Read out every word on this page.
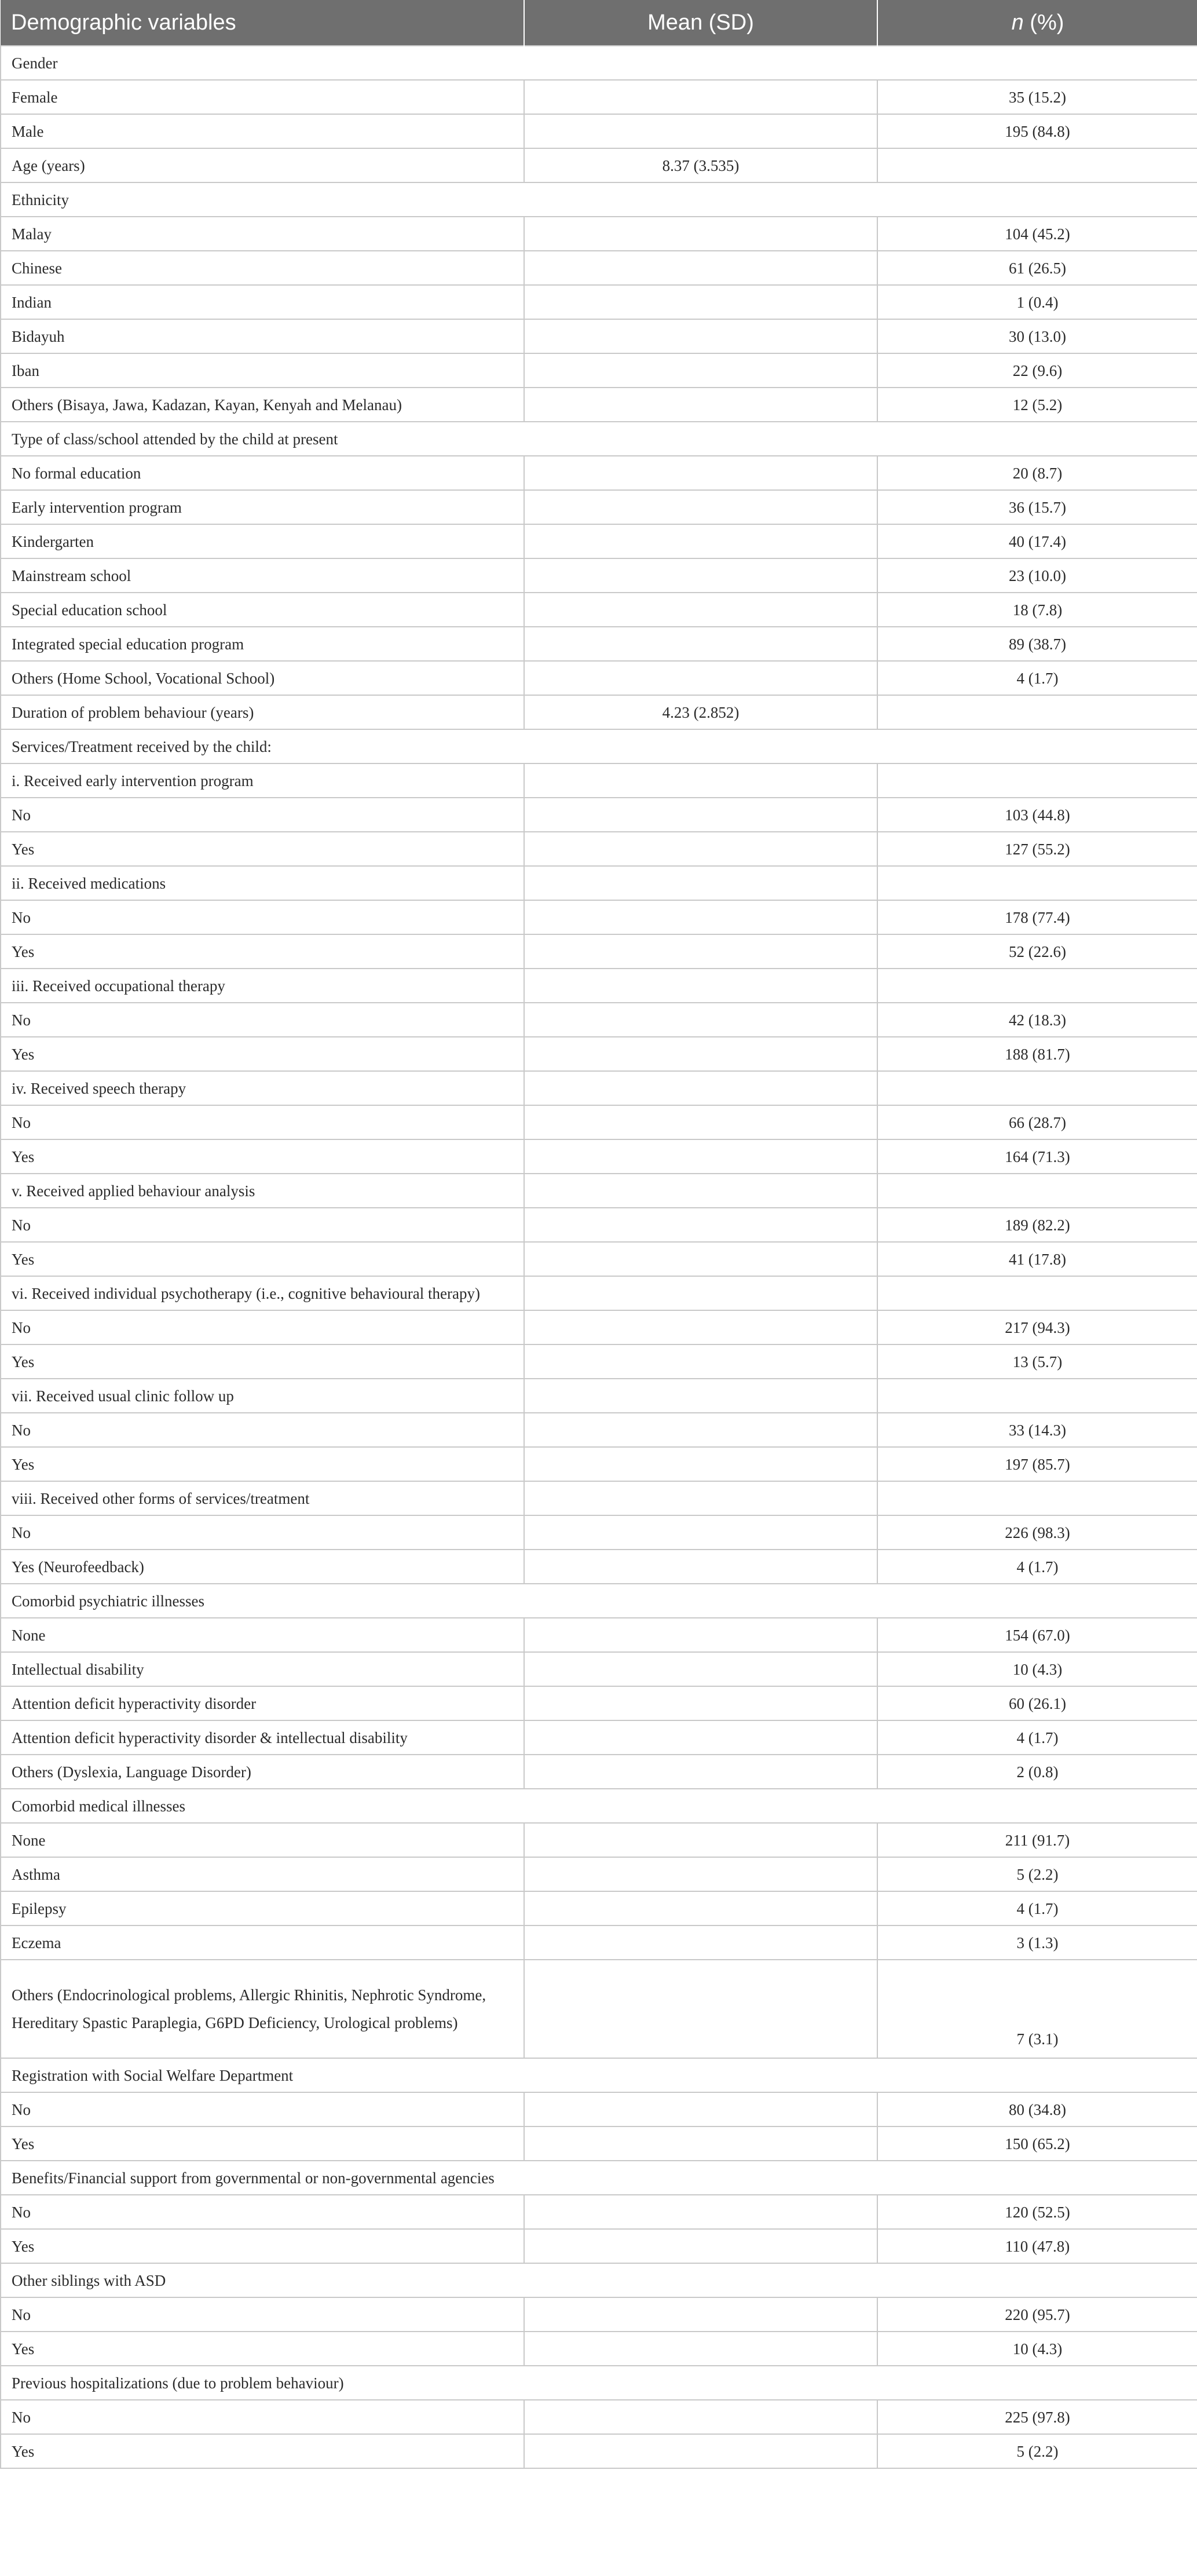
Demographic variables	Mean (SD)	n (%)
Gender		
Female		35 (15.2)
Male		195 (84.8)
Age (years)	8.37 (3.535)	
Ethnicity		
Malay		104 (45.2)
Chinese		61 (26.5)
Indian		1 (0.4)
Bidayuh		30 (13.0)
Iban		22 (9.6)
Others (Bisaya, Jawa, Kadazan, Kayan, Kenyah and Melanau)		12 (5.2)
Type of class/school attended by the child at present		
No formal education		20 (8.7)
Early intervention program		36 (15.7)
Kindergarten		40 (17.4)
Mainstream school		23 (10.0)
Special education school		18 (7.8)
Integrated special education program		89 (38.7)
Others (Home School, Vocational School)		4 (1.7)
Duration of problem behaviour (years)	4.23 (2.852)	
Services/Treatment received by the child:		
i. Received early intervention program		
No		103 (44.8)
Yes		127 (55.2)
ii. Received medications		
No		178 (77.4)
Yes		52 (22.6)
iii. Received occupational therapy		
No		42 (18.3)
Yes		188 (81.7)
iv. Received speech therapy		
No		66 (28.7)
Yes		164 (71.3)
v. Received applied behaviour analysis		
No		189 (82.2)
Yes		41 (17.8)
vi. Received individual psychotherapy (i.e., cognitive behavioural therapy)		
No		217 (94.3)
Yes		13 (5.7)
vii. Received usual clinic follow up		
No		33 (14.3)
Yes		197 (85.7)
viii. Received other forms of services/treatment		
No		226 (98.3)
Yes (Neurofeedback)		4 (1.7)
Comorbid psychiatric illnesses		
None		154 (67.0)
Intellectual disability		10 (4.3)
Attention deficit hyperactivity disorder		60 (26.1)
Attention deficit hyperactivity disorder & intellectual disability		4 (1.7)
Others (Dyslexia, Language Disorder)		2 (0.8)
Comorbid medical illnesses		
None		211 (91.7)
Asthma		5 (2.2)
Epilepsy		4 (1.7)
Eczema		3 (1.3)
Others (Endocrinological problems, Allergic Rhinitis, Nephrotic Syndrome, Hereditary Spastic Paraplegia, G6PD Deficiency, Urological problems)		7 (3.1)
Registration with Social Welfare Department		
No		80 (34.8)
Yes		150 (65.2)
Benefits/Financial support from governmental or non-governmental agencies		
No		120 (52.5)
Yes		110 (47.8)
Other siblings with ASD		
No		220 (95.7)
Yes		10 (4.3)
Previous hospitalizations (due to problem behaviour)		
No		225 (97.8)
Yes		5 (2.2)
